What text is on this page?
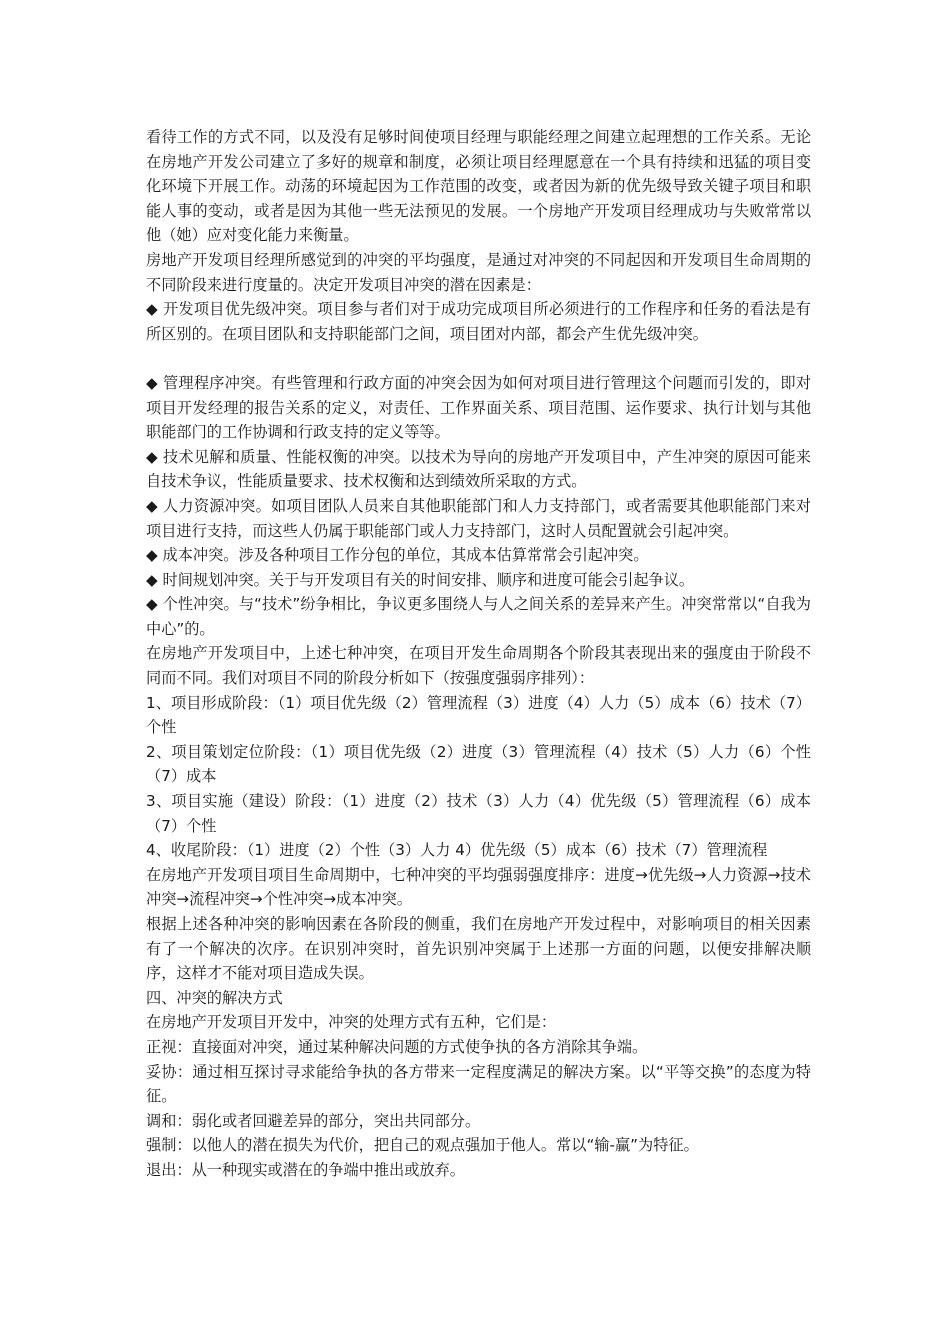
看待工作的方式不同，以及没有足够时间使项目经理与职能经理之间建立起理想的工作关系。无论在房地产开发公司建立了多好的规章和制度，必须让项目经理愿意在一个具有持续和迅猛的项目变化环境下开展工作。动荡的环境起因为工作范围的改变，或者因为新的优先级导致关键子项目和职能人事的变动，或者是因为其他一些无法预见的发展。一个房地产开发项目经理成功与失败常常以他（她）应对变化能力来衡量。

房地产开发项目经理所感觉到的冲突的平均强度，是通过对冲突的不同起因和开发项目生命周期的不同阶段来进行度量的。决定开发项目冲突的潜在因素是：

◆ 开发项目优先级冲突。项目参与者们对于成功完成项目所必须进行的工作程序和任务的看法是有所区别的。在项目团队和支持职能部门之间，项目团对内部，都会产生优先级冲突。

◆ 管理程序冲突。有些管理和行政方面的冲突会因为如何对项目进行管理这个问题而引发的，即对项目开发经理的报告关系的定义，对责任、工作界面关系、项目范围、运作要求、执行计划与其他职能部门的工作协调和行政支持的定义等等。

◆ 技术见解和质量、性能权衡的冲突。以技术为导向的房地产开发项目中，产生冲突的原因可能来自技术争议，性能质量要求、技术权衡和达到绩效所采取的方式。

◆ 人力资源冲突。如项目团队人员来自其他职能部门和人力支持部门，或者需要其他职能部门来对项目进行支持，而这些人仍属于职能部门或人力支持部门，这时人员配置就会引起冲突。

◆ 成本冲突。涉及各种项目工作分包的单位，其成本估算常常会引起冲突。

◆ 时间规划冲突。关于与开发项目有关的时间安排、顺序和进度可能会引起争议。

◆ 个性冲突。与“技术”纷争相比，争议更多围绕人与人之间关系的差异来产生。冲突常常以“自我为中心”的。

在房地产开发项目中，上述七种冲突，在项目开发生命周期各个阶段其表现出来的强度由于阶段不同而不同。我们对项目不同的阶段分析如下（按强度强弱序排列）：

1、项目形成阶段：（1）项目优先级（2）管理流程（3）进度（4）人力（5）成本（6）技术（7）个性

2、项目策划定位阶段：（1）项目优先级（2）进度（3）管理流程（4）技术（5）人力（6）个性（7）成本

3、项目实施（建设）阶段：（1）进度（2）技术（3）人力（4）优先级（5）管理流程（6）成本（7）个性

4、收尾阶段：（1）进度（2）个性（3）人力 4）优先级（5）成本（6）技术（7）管理流程

在房地产开发项目项目生命周期中，七种冲突的平均强弱强度排序：进度→优先级→人力资源→技术冲突→流程冲突→个性冲突→成本冲突。

根据上述各种冲突的影响因素在各阶段的侧重，我们在房地产开发过程中，对影响项目的相关因素有了一个解决的次序。在识别冲突时，首先识别冲突属于上述那一方面的问题，以便安排解决顺序，这样才不能对项目造成失误。

四、冲突的解决方式

在房地产开发项目开发中，冲突的处理方式有五种，它们是：

正视：直接面对冲突，通过某种解决问题的方式使争执的各方消除其争端。

妥协：通过相互探讨寻求能给争执的各方带来一定程度满足的解决方案。以“平等交换”的态度为特征。

调和：弱化或者回避差异的部分，突出共同部分。

强制：以他人的潜在损失为代价，把自己的观点强加于他人。常以“输-赢”为特征。

退出：从一种现实或潜在的争端中推出或放弃。
